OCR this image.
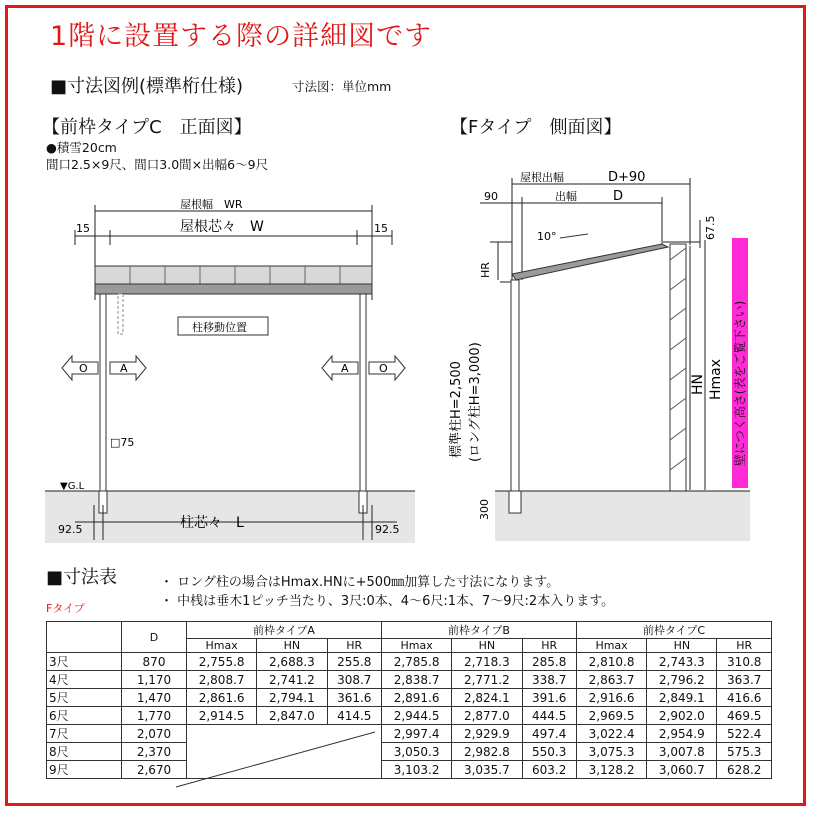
1階に設置する際の詳細図です
■寸法図例(標準桁仕様)	寸法図：単位mm
【前枠タイプC　正面図】
●積雪20cm
間口2.5×9尺、間口3.0間×出幅6～9尺
【Fタイプ　側面図】
屋根幅　WR
屋根芯々　W
15	15
柱移動位置
O	A	A	O
□75
▼G.L
92.5	92.5
柱芯々　L
屋根出幅	D+90
90	出幅	D
10°	67.5
HN Hmax
HR
標準柱H=2,500 (ロング柱H=3,000)	壁につく高さ(表をご覧下さい)
300
■寸法表	・ ロング柱の場合はHmax.HNに+500㎜加算した寸法になります。
・ 中桟は垂木1ピッチ当たり、3尺:0本、4～6尺:1本、7～9尺:2本入ります。
Fタイプ
	D	前枠タイプA			前枠タイプB			前枠タイプC		
		Hmax	HN	HR	Hmax	HN	HR	Hmax	HN	HR
3尺	870	2,755.8	2,688.3	255.8	2,785.8	2,718.3	285.8	2,810.8	2,743.3	310.8
4尺	1,170	2,808.7	2,741.2	308.7	2,838.7	2,771.2	338.7	2,863.7	2,796.2	363.7
5尺	1,470	2,861.6	2,794.1	361.6	2,891.6	2,824.1	391.6	2,916.6	2,849.1	416.6
6尺	1,770	2,914.5	2,847.0	414.5	2,944.5	2,877.0	444.5	2,969.5	2,902.0	469.5
7尺	2,070				2,997.4	2,929.9	497.4	3,022.4	2,954.9	522.4
8尺	2,370				3,050.3	2,982.8	550.3	3,075.3	3,007.8	575.3
9尺	2,670				3,103.2	3,035.7	603.2	3,128.2	3,060.7	628.2
